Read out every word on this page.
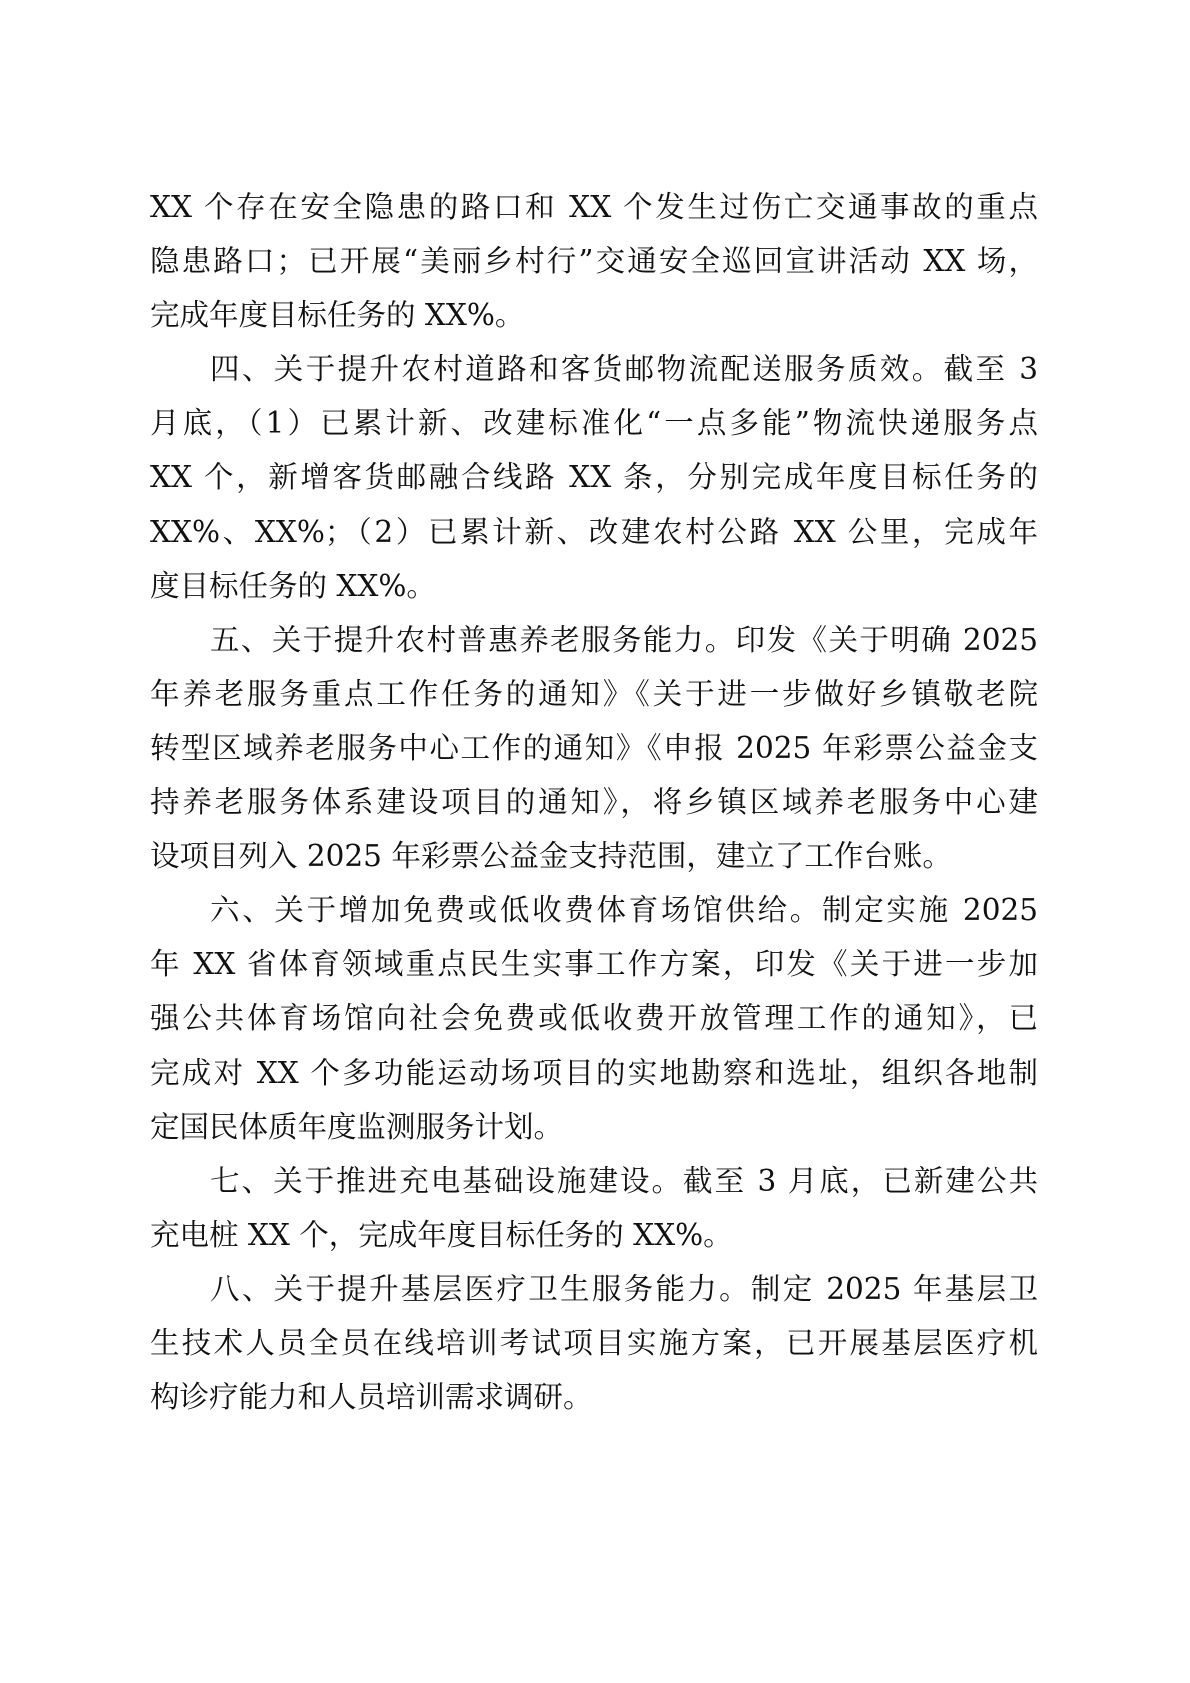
XX 个存在安全隐患的路口和 XX 个发生过伤亡交通事故的重点
隐患路口；已开展“美丽乡村行”交通安全巡回宣讲活动 XX 场，
完成年度目标任务的 XX%。
四、关于提升农村道路和客货邮物流配送服务质效。截至 3
月底，（1）已累计新、改建标准化“一点多能”物流快递服务点
XX 个，新增客货邮融合线路 XX 条，分别完成年度目标任务的
XX%、XX%；（2）已累计新、改建农村公路 XX 公里，完成年
度目标任务的 XX%。
五、关于提升农村普惠养老服务能力。印发《关于明确 2025
年养老服务重点工作任务的通知》《关于进一步做好乡镇敬老院
转型区域养老服务中心工作的通知》《申报 2025 年彩票公益金支
持养老服务体系建设项目的通知》，将乡镇区域养老服务中心建
设项目列入 2025 年彩票公益金支持范围，建立了工作台账。
六、关于增加免费或低收费体育场馆供给。制定实施 2025
年 XX 省体育领域重点民生实事工作方案，印发《关于进一步加
强公共体育场馆向社会免费或低收费开放管理工作的通知》，已
完成对 XX 个多功能运动场项目的实地勘察和选址，组织各地制
定国民体质年度监测服务计划。
七、关于推进充电基础设施建设。截至 3 月底，已新建公共
充电桩 XX 个，完成年度目标任务的 XX%。
八、关于提升基层医疗卫生服务能力。制定 2025 年基层卫
生技术人员全员在线培训考试项目实施方案，已开展基层医疗机
构诊疗能力和人员培训需求调研。
